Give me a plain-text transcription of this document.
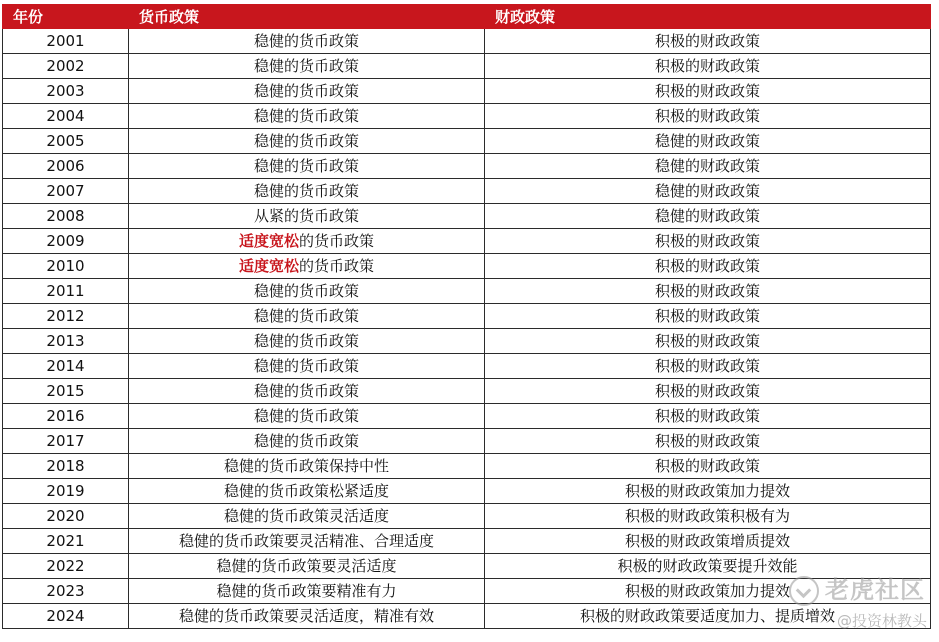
年份	货币政策	财政政策
2001	稳健的货币政策	积极的财政政策
2002	稳健的货币政策	积极的财政政策
2003	稳健的货币政策	积极的财政政策
2004	稳健的货币政策	积极的财政政策
2005	稳健的货币政策	稳健的财政政策
2006	稳健的货币政策	稳健的财政政策
2007	稳健的货币政策	稳健的财政政策
2008	从紧的货币政策	稳健的财政政策
2009	适度宽松的货币政策	积极的财政政策
2010	适度宽松的货币政策	积极的财政政策
2011	稳健的货币政策	积极的财政政策
2012	稳健的货币政策	积极的财政政策
2013	稳健的货币政策	积极的财政政策
2014	稳健的货币政策	积极的财政政策
2015	稳健的货币政策	积极的财政政策
2016	稳健的货币政策	积极的财政政策
2017	稳健的货币政策	积极的财政政策
2018	稳健的货币政策保持中性	积极的财政政策
2019	稳健的货币政策松紧适度	积极的财政政策加力提效
2020	稳健的货币政策灵活适度	积极的财政政策积极有为
2021	稳健的货币政策要灵活精准、合理适度	积极的财政政策增质提效
2022	稳健的货币政策要灵活适度	积极的财政政策要提升效能
2023	稳健的货币政策要精准有力	积极的财政政策加力提效
2024	稳健的货币政策要灵活适度，精准有效	积极的财政政策要适度加力、提质增效
老虎社区
@投资林教头
